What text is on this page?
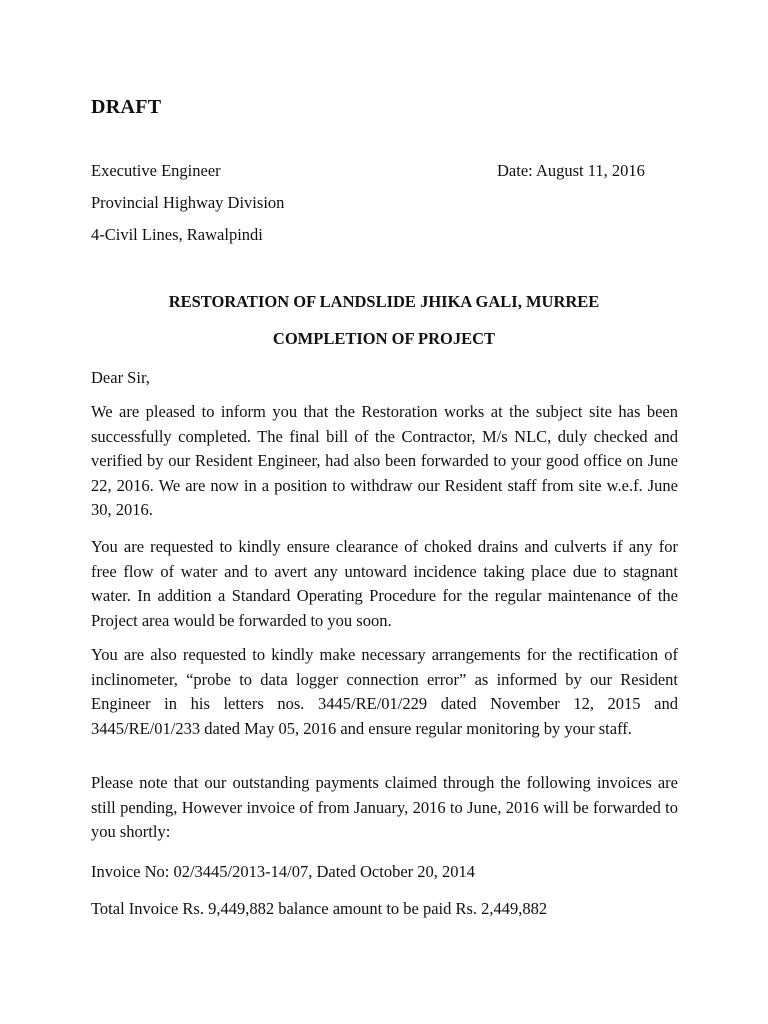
DRAFT
Executive Engineer	Date: August 11, 2016
Provincial Highway Division
4-Civil Lines, Rawalpindi
RESTORATION OF LANDSLIDE JHIKA GALI, MURREE
COMPLETION OF PROJECT
Dear Sir,
We are pleased to inform you that the Restoration works at the subject site has been successfully completed. The final bill of the Contractor, M/s NLC, duly checked and verified by our Resident Engineer, had also been forwarded to your good office on June 22, 2016. We are now in a position to withdraw our Resident staff from site w.e.f. June 30, 2016.
You are requested to kindly ensure clearance of choked drains and culverts if any for free flow of water and to avert any untoward incidence taking place due to stagnant water. In addition a Standard Operating Procedure for the regular maintenance of the Project area would be forwarded to you soon.
You are also requested to kindly make necessary arrangements for the rectification of inclinometer, “probe to data logger connection error” as informed by our Resident Engineer in his letters nos. 3445/RE/01/229 dated November 12, 2015 and 3445/RE/01/233 dated May 05, 2016 and ensure regular monitoring by your staff.
Please note that our outstanding payments claimed through the following invoices are still pending, However invoice of from January, 2016 to June, 2016 will be forwarded to you shortly:
Invoice No: 02/3445/2013-14/07, Dated October 20, 2014
Total Invoice Rs. 9,449,882 balance amount to be paid Rs. 2,449,882
